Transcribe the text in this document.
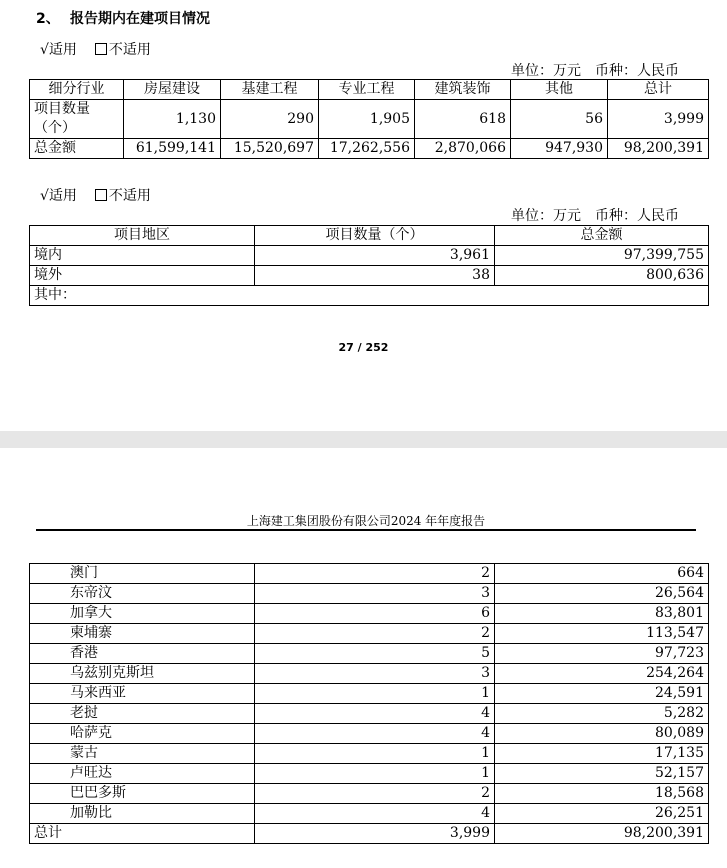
2、 报告期内在建项目情况
√适用 不适用
单位：万元　币种：人民币
细分行业	房屋建设	基建工程	专业工程	建筑装饰	其他	总计

项目数量
（个）	1,130	290	1,905	618	56	3,999
总金额	61,599,141	15,520,697	17,262,556	2,870,066	947,930	98,200,391
√适用 不适用
单位：万元　币种：人民币
项目地区	项目数量（个）	总金额
境内	3,961	97,399,755
境外	38	800,636
其中：		
27 / 252
上海建工集团股份有限公司2024 年年度报告
澳门	2	664
东帝汶	3	26,564
加拿大	6	83,801
柬埔寨	2	113,547
香港	5	97,723
乌兹别克斯坦	3	254,264
马来西亚	1	24,591
老挝	4	5,282
哈萨克	4	80,089
蒙古	1	17,135
卢旺达	1	52,157
巴巴多斯	2	18,568
加勒比	4	26,251
总计	3,999	98,200,391
